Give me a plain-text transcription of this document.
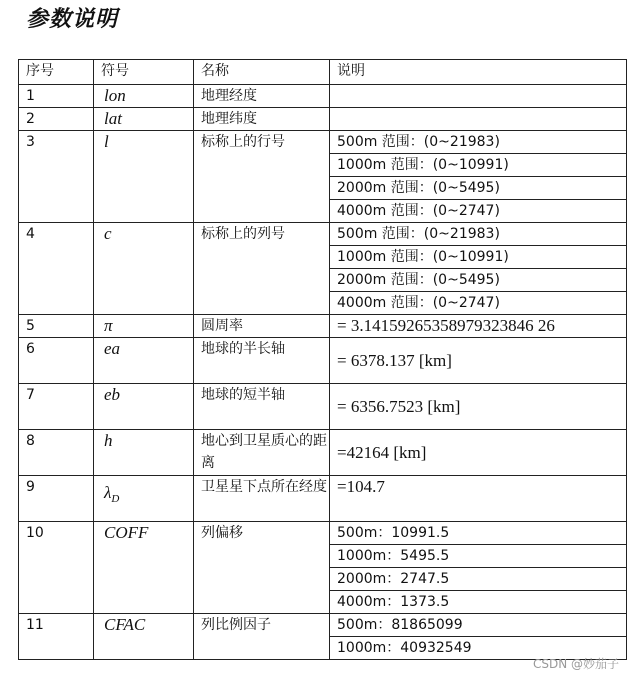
参数说明
序号	符号	名称	说明
1	lon	地理经度	
2	lat	地理纬度	
3	l	标称上的行号	500m 范围：(0~21983)
			1000m 范围：(0~10991)
			2000m 范围：(0~5495)
			4000m 范围：(0~2747)
4	c	标称上的列号	500m 范围：(0~21983)
			1000m 范围：(0~10991)
			2000m 范围：(0~5495)
			4000m 范围：(0~2747)
5	π	圆周率	= 3.14159265358979323846 26
6	ea	地球的半长轴	= 6378.137 [km]
7	eb	地球的短半轴	= 6356.7523 [km]
8	h	地心到卫星质心的距离	=42164 [km]
9	$\lambda_D$	卫星星下点所在经度	=104.7
10	COFF	列偏移	500m：10991.5
			1000m：5495.5
			2000m：2747.5
			4000m：1373.5
11	CFAC	列比例因子	500m：81865099
			1000m：40932549
CSDN @妙茄子
